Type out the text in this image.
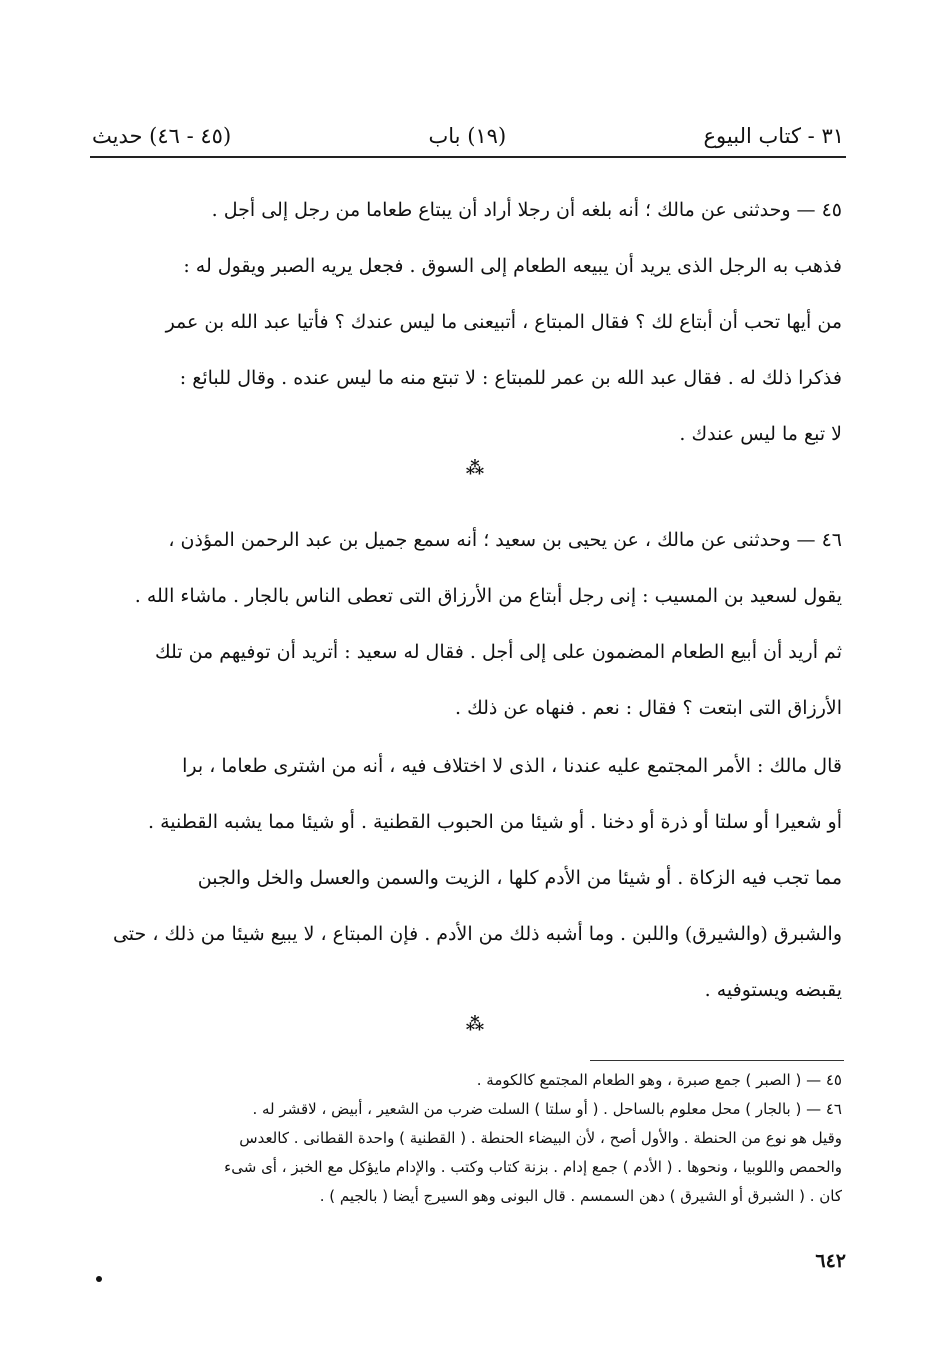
٣١ - كتاب البيوع
(١٩) باب
(٤٥ - ٤٦) حديث
٤٥ — وحدثنى عن مالك ؛ أنه بلغه أن رجلا أراد أن يبتاع طعاما من رجل إلى أجل .
فذهب به الرجل الذى يريد أن يبيعه الطعام إلى السوق . فجعل يريه الصبر ويقول له :
من أيها تحب أن أبتاع لك ؟ فقال المبتاع ، أتبيعنى ما ليس عندك ؟ فأتيا عبد الله بن عمر
فذكرا ذلك له . فقال عبد الله بن عمر للمبتاع : لا تبتع منه ما ليس عنده . وقال للبائع :
لا تبع ما ليس عندك .
⁂
٤٦ — وحدثنى عن مالك ، عن يحيى بن سعيد ؛ أنه سمع جميل بن عبد الرحمن المؤذن ،
يقول لسعيد بن المسيب : إنى رجل أبتاع من الأرزاق التى تعطى الناس بالجار . ماشاء الله .
ثم أريد أن أبيع الطعام المضمون على إلى أجل . فقال له سعيد : أتريد أن توفيهم من تلك
الأرزاق التى ابتعت ؟ فقال : نعم . فنهاه عن ذلك .
قال مالك : الأمر المجتمع عليه عندنا ، الذى لا اختلاف فيه ، أنه من اشترى طعاما ، برا
أو شعيرا أو سلتا أو ذرة أو دخنا . أو شيئا من الحبوب القطنية . أو شيئا مما يشبه القطنية .
مما تجب فيه الزكاة . أو شيئا من الأدم كلها ، الزيت والسمن والعسل والخل والجبن
والشبرق (والشيرق) واللبن . وما أشبه ذلك من الأدم . فإن المبتاع ، لا يبيع شيئا من ذلك ، حتى
يقبضه ويستوفيه .
⁂
٤٥ — ( الصبر ) جمع صبرة ، وهو الطعام المجتمع كالكومة .
٤٦ — ( بالجار ) محل معلوم بالساحل . ( أو سلتا ) السلت ضرب من الشعير ، أبيض ، لاقشر له .
وقيل هو نوع من الحنطة . والأول أصح ، لأن البيضاء الحنطة . ( القطنية ) واحدة القطانى . كالعدس
والحمص واللوبيا ، ونحوها . ( الأدم ) جمع إدام . بزنة كتاب وكتب . والإدام مايؤكل مع الخبز ، أى شىء
كان . ( الشبرق أو الشيرق ) دهن السمسم . قال البونى وهو السيرج أيضا ( بالجيم ) .
٦٤٢
